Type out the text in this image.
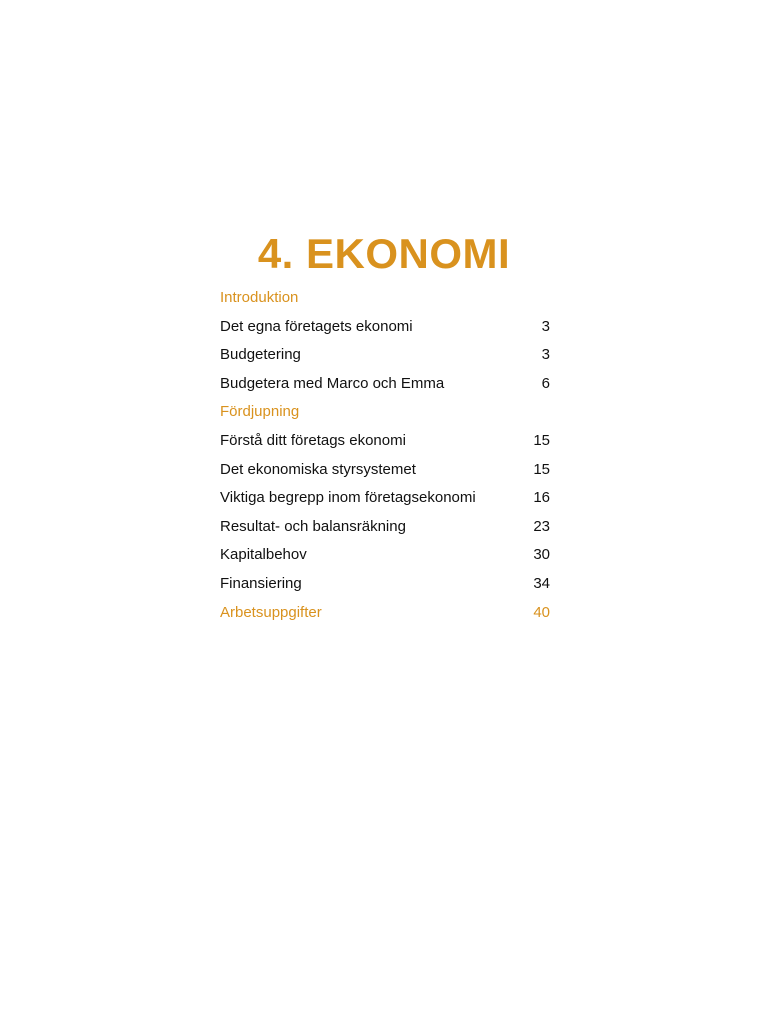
4. EKONOMI
Introduktion
Det egna företagets ekonomi	3
Budgetering	3
Budgetera med Marco och Emma	6
Fördjupning
Förstå ditt företags ekonomi	15
Det ekonomiska styrsystemet	15
Viktiga begrepp inom företagsekonomi	16
Resultat- och balansräkning	23
Kapitalbehov	30
Finansiering	34
Arbetsuppgifter	40
